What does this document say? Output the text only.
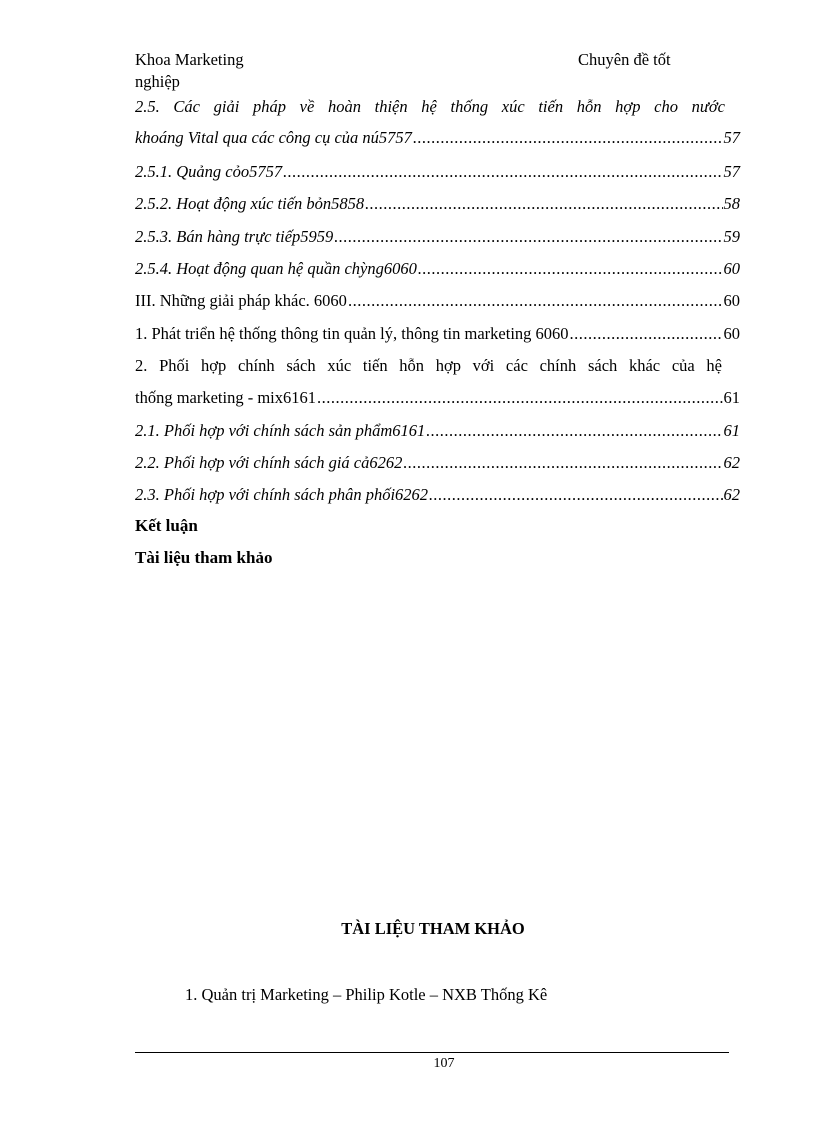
Khoa Marketing	Chuyên đề tốt
nghiệp
2.5. Các giải pháp về hoàn thiện hệ thống xúc tiến hỗn hợp cho nước
khoáng Vital qua các công cụ của nú5757 .....	57
2.5.1. Quảng cỏo5757 .....	57
2.5.2. Hoạt động xúc tiến bỏn5858 .....	58
2.5.3. Bán hàng trực tiếp5959 .....	59
2.5.4. Hoạt động quan hệ quần chỳng6060 .....	60
III. Những giải pháp khác. 6060 .....	60
1. Phát triển hệ thống thông tin quản lý, thông tin marketing 6060 .....	60
2. Phối hợp chính sách xúc tiến hỗn hợp với các chính sách khác của hệ
thống marketing - mix6161 .....	61
2.1. Phối hợp với chính sách sản phẩm6161 .....	61
2.2. Phối hợp với chính sách giá cả6262 .....	62
2.3. Phối hợp với chính sách phân phối6262 .....	62
Kết luận
Tài liệu tham khảo
TÀI LIỆU THAM KHẢO
1. Quản trị Marketing – Philip Kotle – NXB Thống Kê
107
